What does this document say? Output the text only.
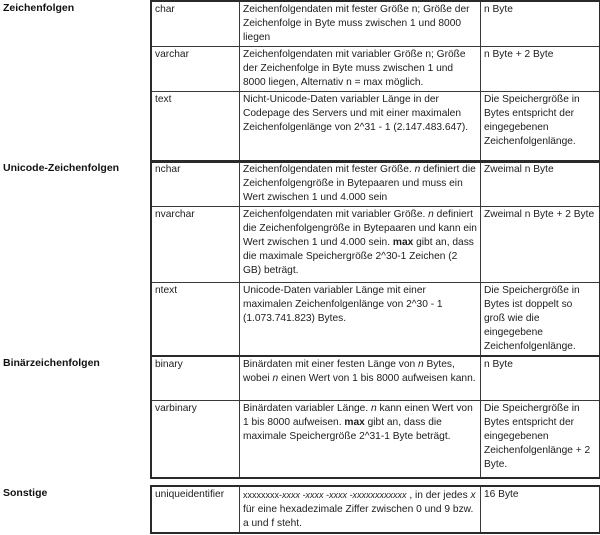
Zeichenfolgen	char	Zeichenfolgendaten mit fester Größe n; Größe der Zeichenfolge in Byte muss zwischen 1 und 8000 liegen	n Byte
varchar	Zeichenfolgendaten mit variabler Größe n; Größe der Zeichenfolge in Byte muss zwischen 1 und 8000 liegen, Alternativ n = max möglich.	n Byte + 2 Byte
text	Nicht-Unicode-Daten variabler Länge in der Codepage des Servers und mit einer maximalen Zeichenfolgenlänge von 2^31 - 1 (2.147.483.647).	Die Speichergröße in Bytes entspricht der eingegebenen Zeichenfolgenlänge.
Unicode-Zeichenfolgen	nchar	Zeichenfolgendaten mit fester Größe. n definiert die Zeichenfolgengröße in Bytepaaren und muss ein Wert zwischen 1 und 4.000 sein	Zweimal n Byte
nvarchar	Zeichenfolgendaten mit variabler Größe. n definiert die Zeichenfolgengröße in Bytepaaren und kann ein Wert zwischen 1 und 4.000 sein. max gibt an, dass die maximale Speichergröße 2^30-1 Zeichen (2 GB) beträgt.	Zweimal n Byte + 2 Byte
ntext	Unicode-Daten variabler Länge mit einer maximalen Zeichenfolgenlänge von 2^30 - 1 (1.073.741.823) Bytes.	Die Speichergröße in Bytes ist doppelt so groß wie die eingegebene Zeichenfolgenlänge.
Binärzeichenfolgen	binary	Binärdaten mit einer festen Länge von n Bytes, wobei n einen Wert von 1 bis 8000 aufweisen kann.	n Byte
varbinary	Binärdaten variabler Länge. n kann einen Wert von 1 bis 8000 aufweisen. max gibt an, dass die maximale Speichergröße 2^31-1 Byte beträgt.	Die Speichergröße in Bytes entspricht der eingegebenen Zeichenfolgenlänge + 2 Byte.
Sonstige	uniqueidentifier	xxxxxxxx-xxxx -xxxx -xxxx -xxxxxxxxxxxx , in der jedes x für eine hexadezimale Ziffer zwischen 0 und 9 bzw. a und f steht.	16 Byte
